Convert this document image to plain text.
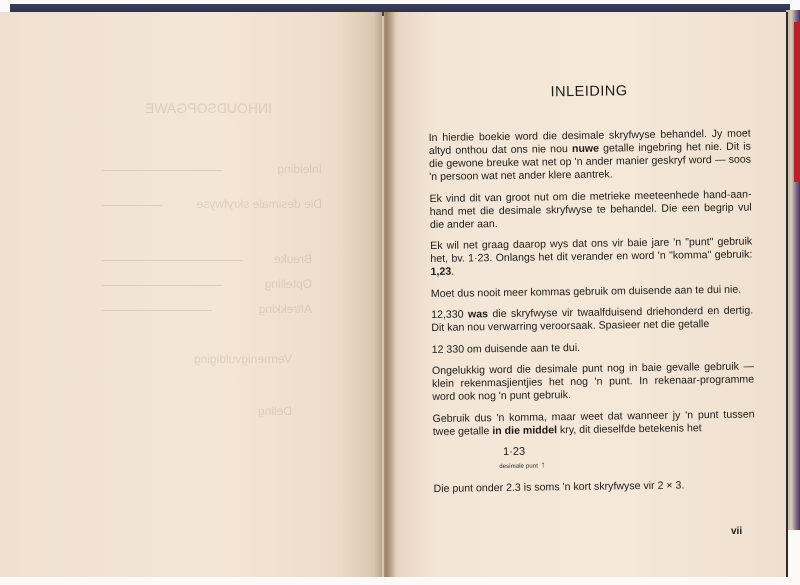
INHOUDSOPGAWE
Inleiding
Die desimale skryfwyse
Breuke
Optelling
Aftrekking
Vermenigvuldiging
Deling
INLEIDING

In hierdie boekie word die desimale skryfwyse behandel. Jy moet altyd onthou dat ons nie nou nuwe getalle ingebring het nie. Dit is die gewone breuke wat net op 'n ander manier geskryf word — soos 'n persoon wat net ander klere aantrek.

Ek vind dit van groot nut om die metrieke meeteenhede hand-aan-hand met die desimale skryfwyse te behandel. Die een begrip vul die ander aan.

Ek wil net graag daarop wys dat ons vir baie jare 'n "punt" gebruik het, bv. 1·23. Onlangs het dit verander en word 'n "komma" gebruik: 1,23.

Moet dus nooit meer kommas gebruik om duisende aan te dui nie.

12,330 was die skryfwyse vir twaalfduisend driehonderd en dertig. Dit kan nou verwarring veroorsaak. Spasieer net die getalle

12 330 om duisende aan te dui.

Ongelukkig word die desimale punt nog in baie gevalle gebruik — klein rekenmasjientjies het nog 'n punt. In rekenaar-programme word ook nog 'n punt gebruik.

Gebruik dus 'n komma, maar weet dat wanneer jy 'n punt tussen twee getalle in die middel kry, dit dieselfde betekenis het

1·23
desimale punt ↑

Die punt onder 2.3 is soms 'n kort skryfwyse vir 2 × 3.

vii
